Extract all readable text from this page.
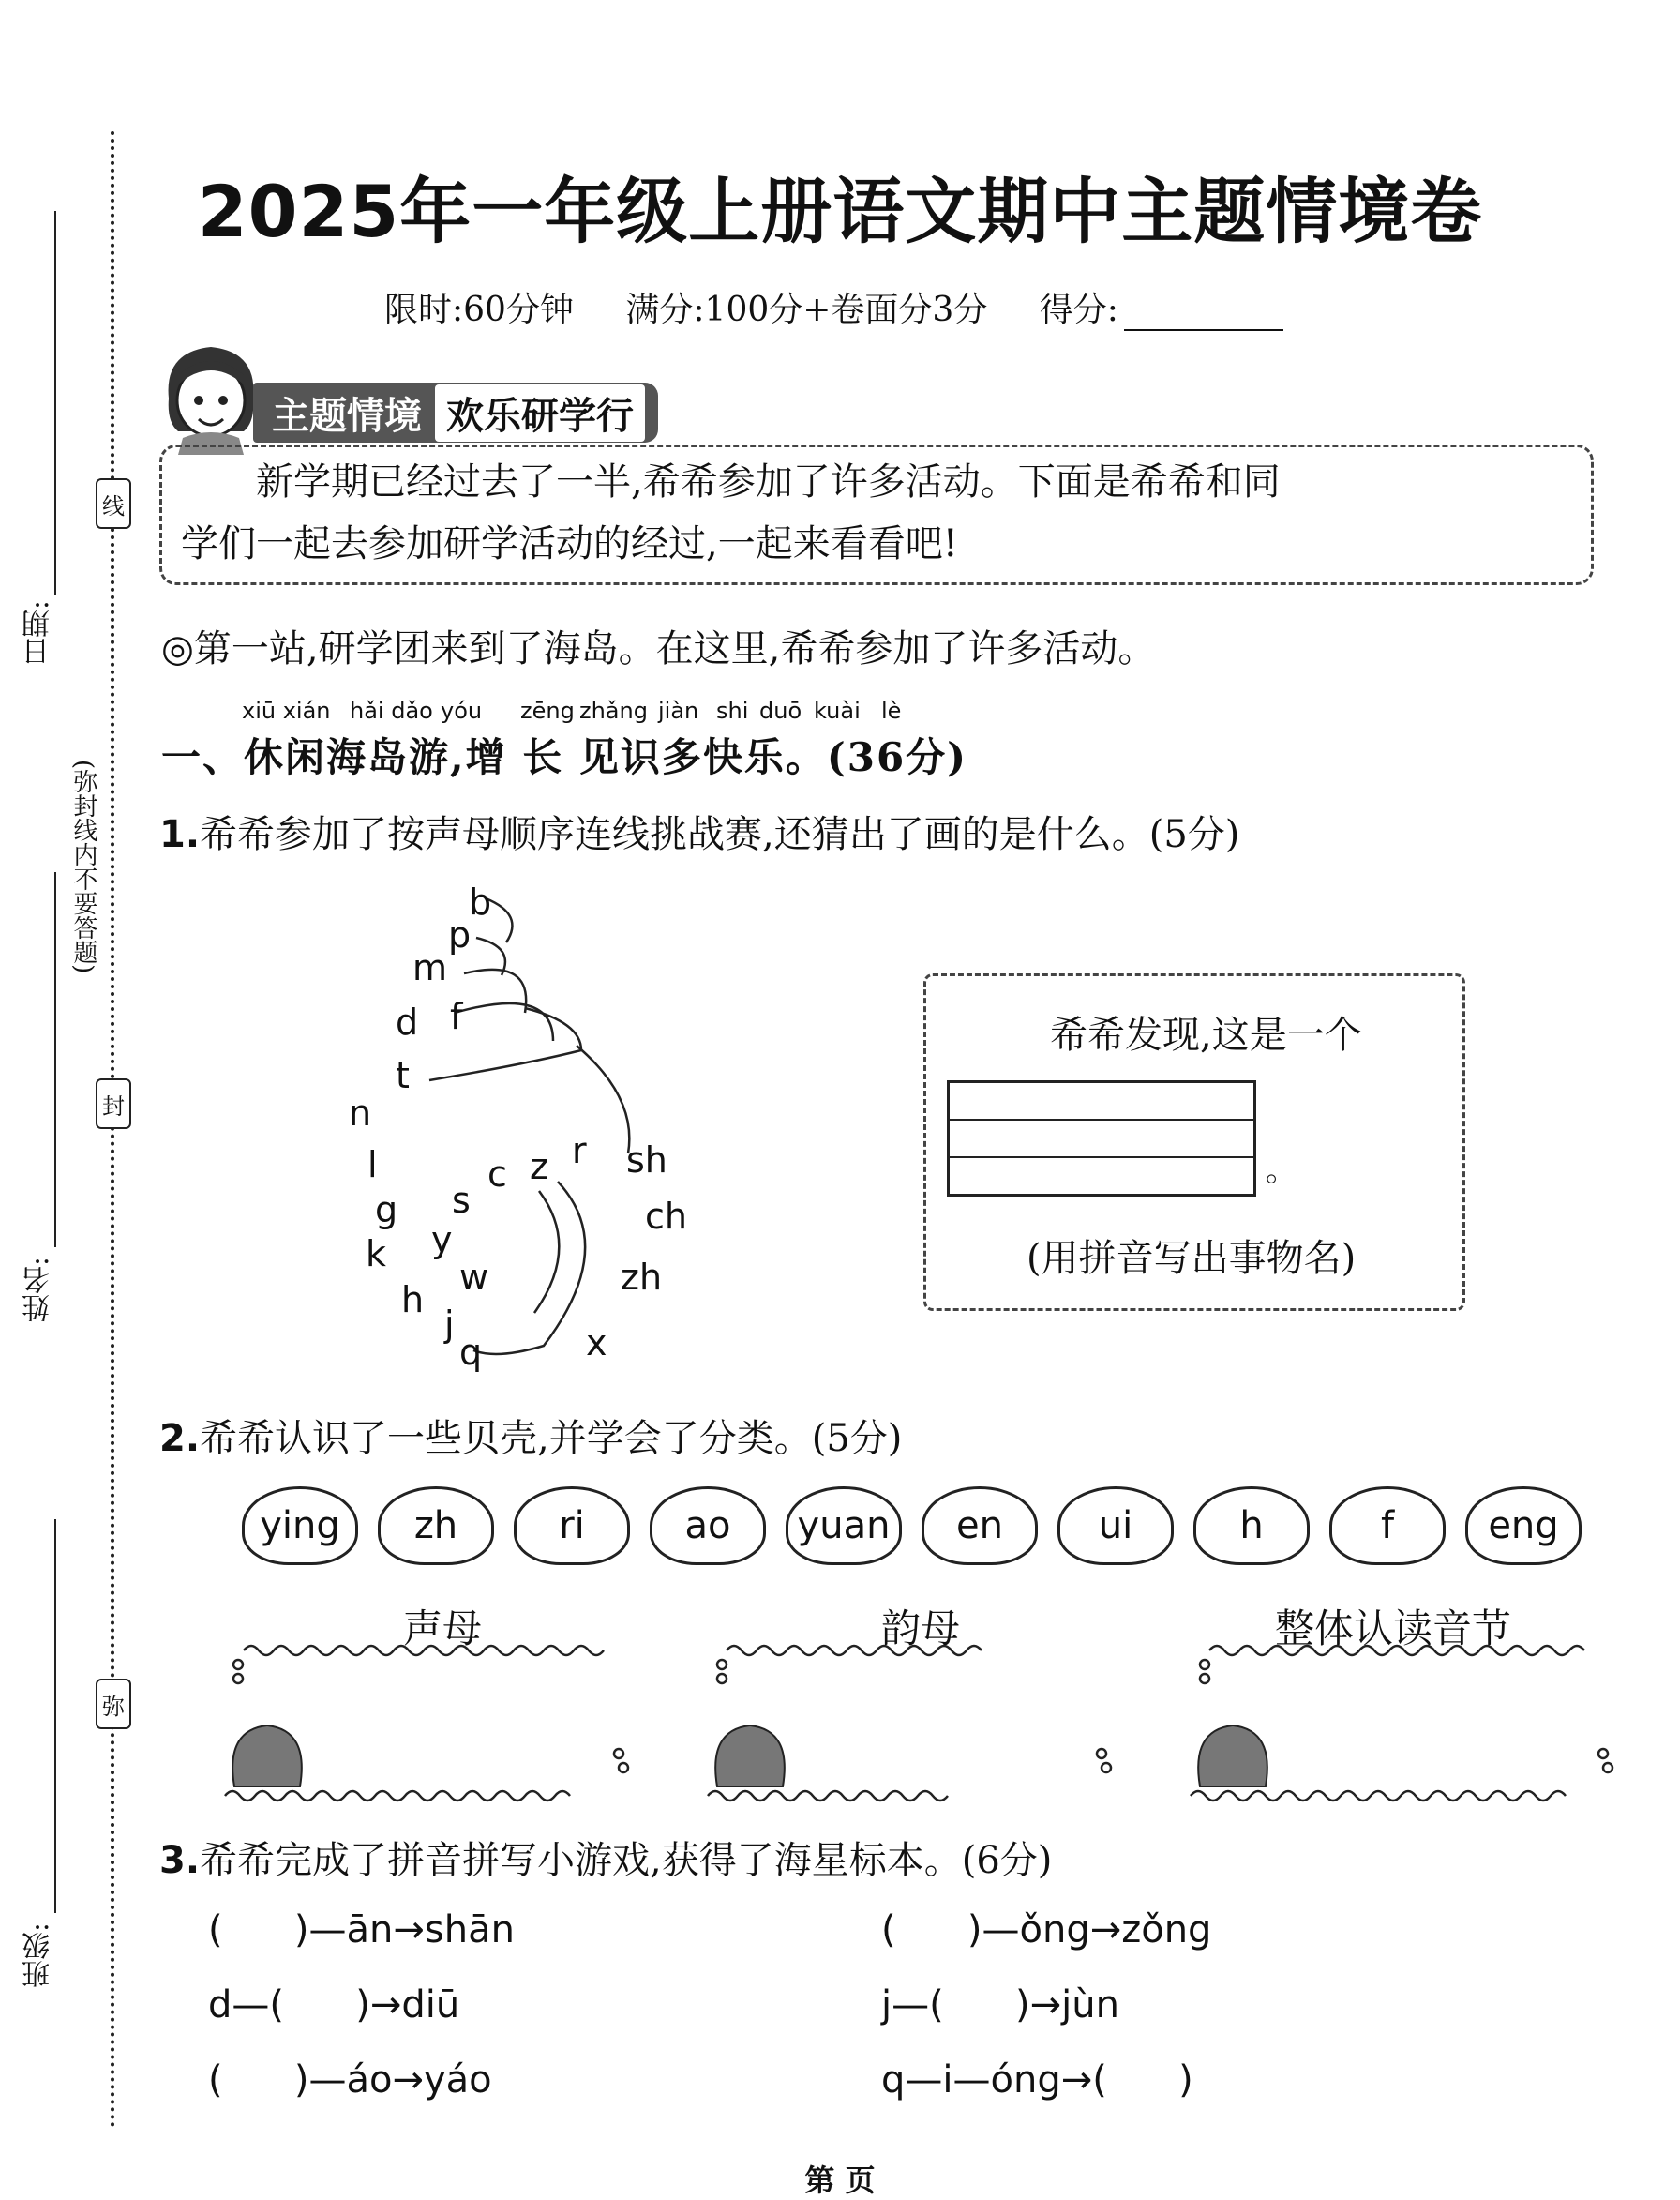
日期:
姓名:
班级:
线
封
弥
(弥封线内不要答题)
2025年一年级上册语文期中主题情境卷
限时:60分钟 满分:100分+卷面分3分 得分:
主题情境 欢乐研学行

新学期已经过去了一半,希希参加了许多活动。下面是希希和同

学们一起去参加研学活动的经过,一起来看看吧!

◎第一站,研学团来到了海岛。在这里,希希参加了许多活动。
xiū xián hǎi dǎo yóu zēng zhǎng jiàn shi duō kuài lè
一、休闲海岛游,增 长 见识多快乐。(36分)
1.希希参加了按声母顺序连线挑战赛,还猜出了画的是什么。(5分)
b
p
m
f
d
t
n
l
g
k
h
j
q	x
zh
ch
sh
r
z
c
s
y
w
希希发现,这是一个
。
(用拼音写出事物名)
2.希希认识了一些贝壳,并学会了分类。(5分)
ying	zh	ri	ao	yuan	en	ui	h	f	eng
声母	韵母	整体认读音节
3.希希完成了拼音拼写小游戏,获得了海星标本。(6分)
(      )—ān→shān	(      )—ǒng→zǒng
d—(      )→diū	j—(      )→jùn
(      )—áo→yáo	q—i—óng→(      )
第 页
